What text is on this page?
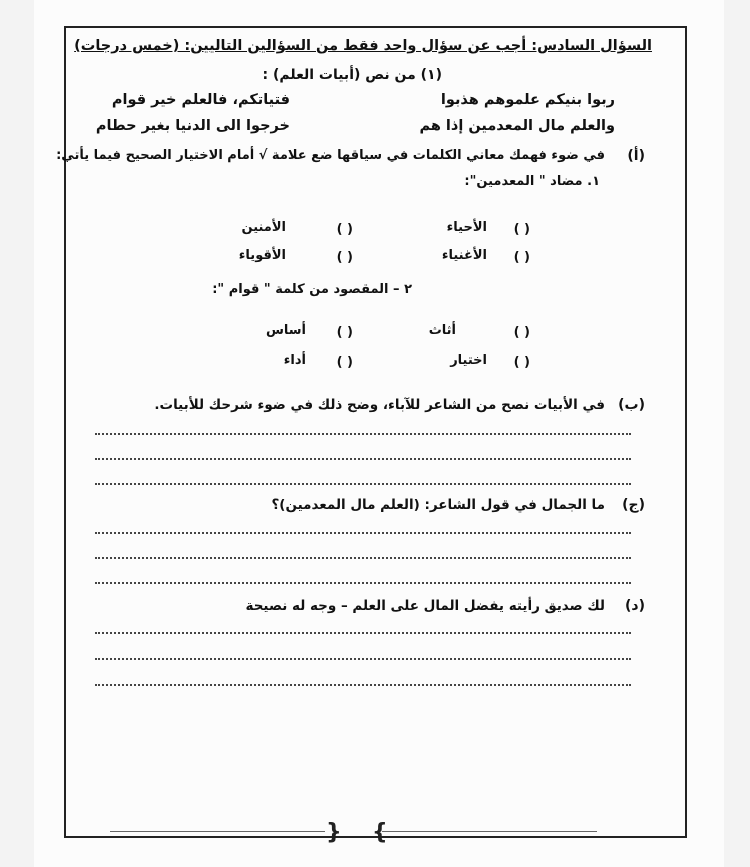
السؤال السادس: أجب عن سؤال واحد فقط من السؤالين التاليين: (خمس درجات)
(١) من نص (أبيات العلم) :
ربوا بنيكم علموهم هذبوا
فتياتكم، فالعلم خير قوام
والعلم مال المعدمين إذا هم
خرجوا الى الدنيا بغير حطام
(أ)
في ضوء فهمك معاني الكلمات في سياقها ضع علامة √ أمام الاختيار الصحيح فيما يأتي:
١. مضاد " المعدمين":
( )
الأحياء
( )
الأمنين
( )
الأغنياء
( )
الأقوياء
٢ – المقصود من كلمة " قوام ":
( )
أثاث
( )
أساس
( )
اختيار
( )
أداء
(ب)
في الأبيات نصح من الشاعر للآباء، وضح ذلك في ضوء شرحك للأبيات.
(ج)
ما الجمال في قول الشاعر: (العلم مال المعدمين)؟
(د)
لك صديق رأيته يفضل المال على العلم – وجه له نصيحة
{ }
